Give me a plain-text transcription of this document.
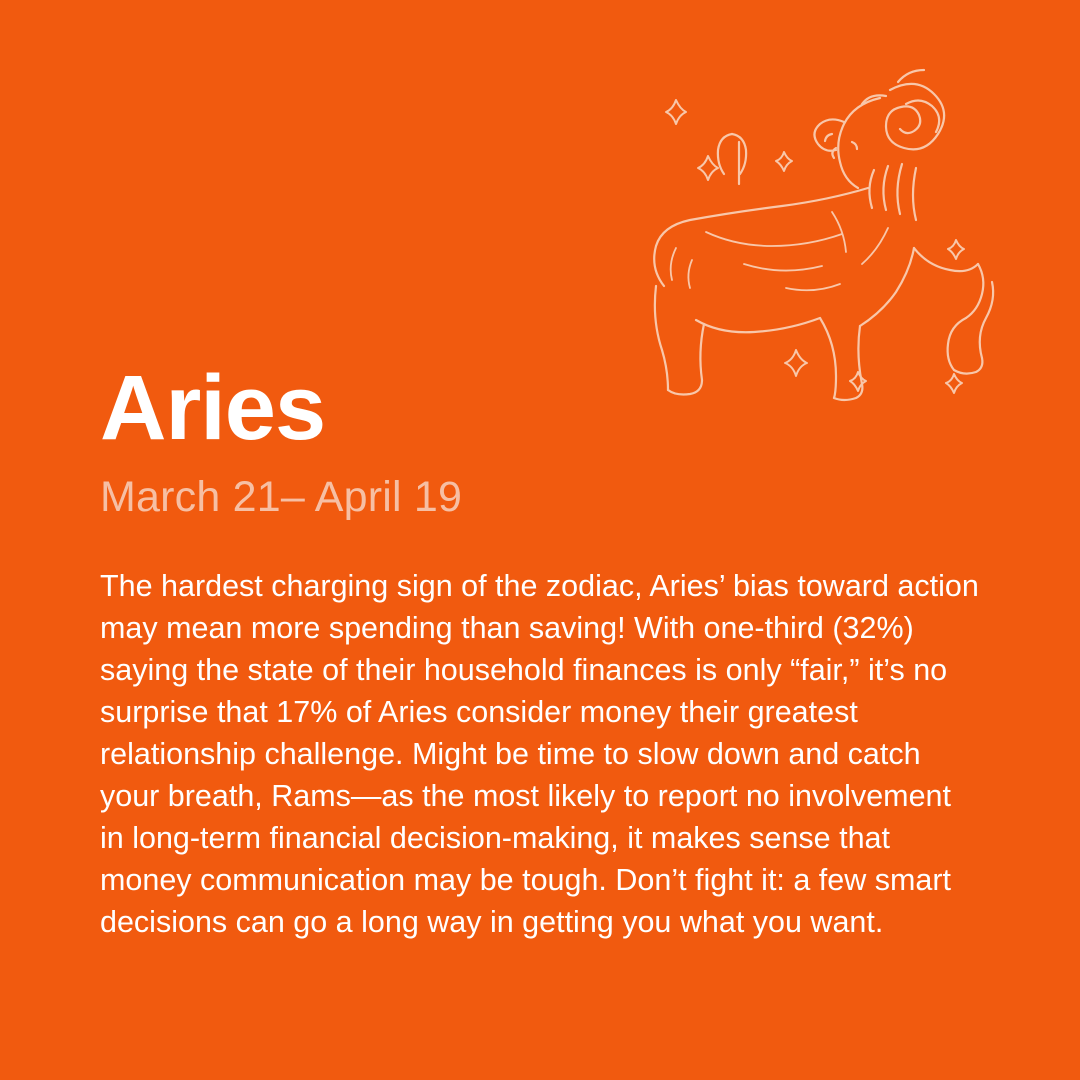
Aries

March 21– April 19

The hardest charging sign of the zodiac, Aries’ bias toward action may mean more spending than saving! With one-third (32%) saying the state of their household finances is only “fair,” it’s no surprise that 17% of Aries consider money their greatest relationship challenge. Might be time to slow down and catch your breath, Rams—as the most likely to report no involvement in long-term financial decision-making, it makes sense that money communication may be tough. Don’t fight it: a few smart decisions can go a long way in getting you what you want.
